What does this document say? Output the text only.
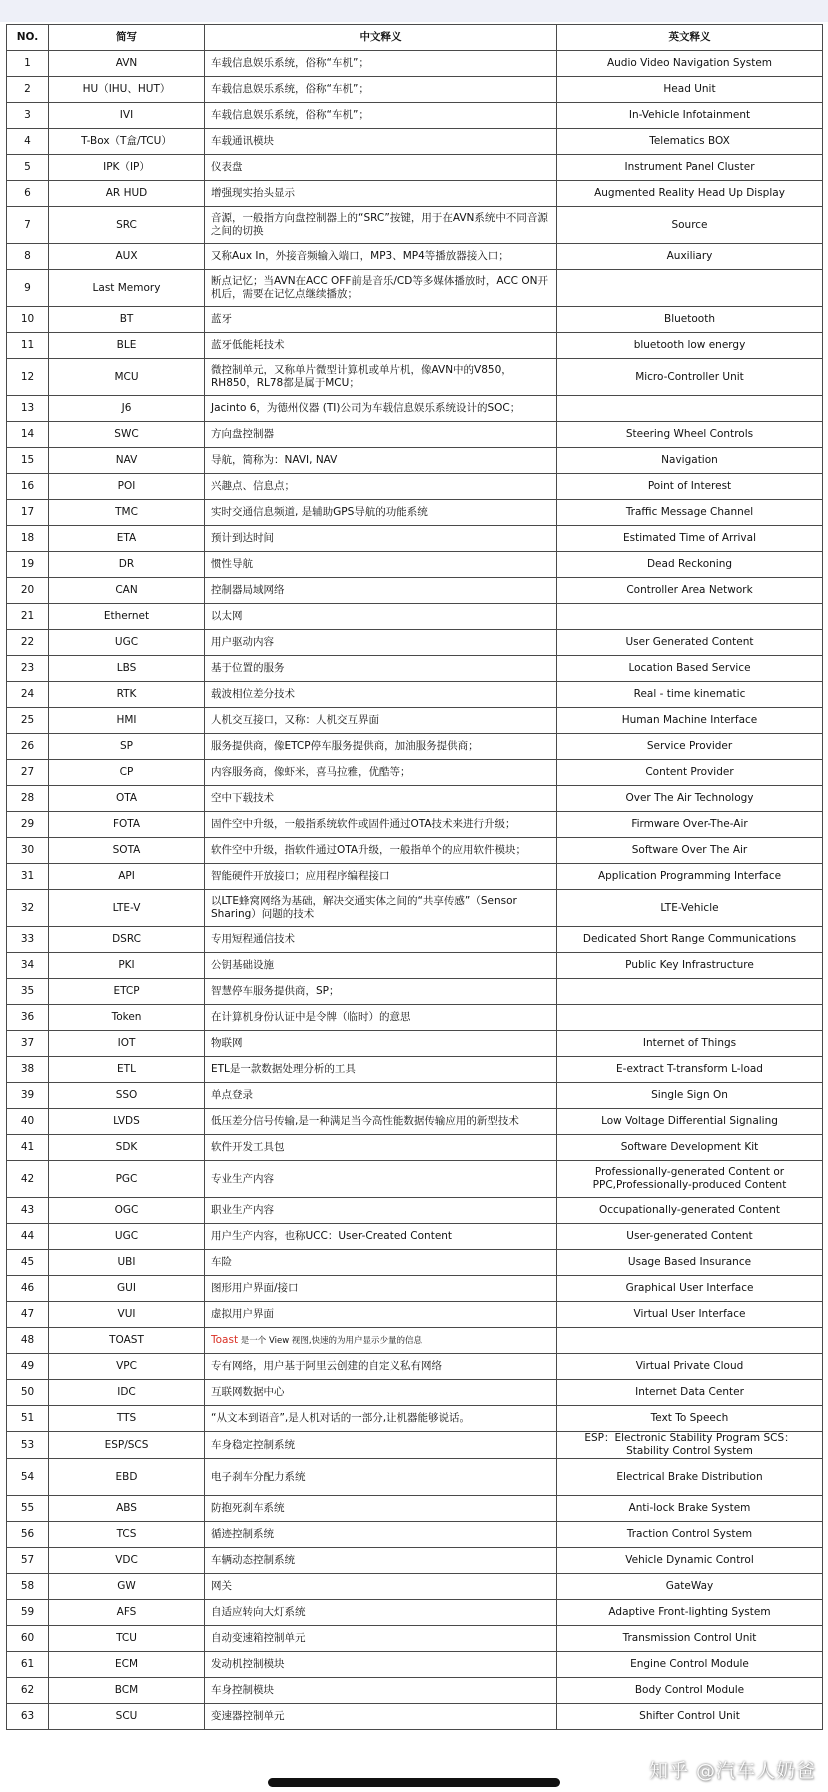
NO.	简写	中文释义	英文释义
1	AVN	车载信息娱乐系统，俗称“车机”；	Audio Video Navigation System
2	HU（IHU、HUT）	车载信息娱乐系统，俗称“车机”；	Head Unit
3	IVI	车载信息娱乐系统，俗称“车机”；	In-Vehicle Infotainment
4	T-Box（T盒/TCU）	车载通讯模块	Telematics BOX
5	IPK（IP）	仪表盘	Instrument Panel Cluster
6	AR HUD	增强现实抬头显示	Augmented Reality Head Up Display
7	SRC	音源，一般指方向盘控制器上的“SRC”按键，用于在AVN系统中不同音源之间的切换	Source
8	AUX	又称Aux In，外接音频输入端口，MP3、MP4等播放器接入口；	Auxiliary
9	Last Memory	断点记忆；当AVN在ACC OFF前是音乐/CD等多媒体播放时，ACC ON开机后，需要在记忆点继续播放；	
10	BT	蓝牙	Bluetooth
11	BLE	蓝牙低能耗技术	bluetooth low energy
12	MCU	微控制单元，又称单片微型计算机或单片机，像AVN中的V850，RH850，RL78都是属于MCU；	Micro-Controller Unit
13	J6	Jacinto 6，为德州仪器 (TI)公司为车载信息娱乐系统设计的SOC；	
14	SWC	方向盘控制器	Steering Wheel Controls
15	NAV	导航，简称为：NAVI, NAV	Navigation
16	POI	兴趣点、信息点；	Point of Interest
17	TMC	实时交通信息频道, 是辅助GPS导航的功能系统	Traffic Message Channel
18	ETA	预计到达时间	Estimated Time of Arrival
19	DR	惯性导航	Dead Reckoning
20	CAN	控制器局域网络	Controller Area Network
21	Ethernet	以太网	
22	UGC	用户驱动内容	User Generated Content
23	LBS	基于位置的服务	Location Based Service
24	RTK	载波相位差分技术	Real - time kinematic
25	HMI	人机交互接口，又称：人机交互界面	Human Machine Interface
26	SP	服务提供商，像ETCP停车服务提供商，加油服务提供商；	Service Provider
27	CP	内容服务商，像虾米，喜马拉雅，优酷等；	Content Provider
28	OTA	空中下载技术	Over The Air Technology
29	FOTA	固件空中升级，一般指系统软件或固件通过OTA技术来进行升级；	Firmware Over-The-Air
30	SOTA	软件空中升级，指软件通过OTA升级，一般指单个的应用软件模块；	Software Over The Air
31	API	智能硬件开放接口；应用程序编程接口	Application Programming Interface
32	LTE-V	以LTE蜂窝网络为基础，解决交通实体之间的“共享传感”（Sensor Sharing）问题的技术	LTE-Vehicle
33	DSRC	专用短程通信技术	Dedicated Short Range Communications
34	PKI	公钥基础设施	Public Key Infrastructure
35	ETCP	智慧停车服务提供商，SP；	
36	Token	在计算机身份认证中是令牌（临时）的意思	
37	IOT	物联网	Internet of Things
38	ETL	ETL是一款数据处理分析的工具	E-extract T-transform L-load
39	SSO	单点登录	Single Sign On
40	LVDS	低压差分信号传输,是一种满足当今高性能数据传输应用的新型技术	Low Voltage Differential Signaling
41	SDK	软件开发工具包	Software Development Kit
42	PGC	专业生产内容	Professionally-generated Content or PPC,Professionally-produced Content
43	OGC	职业生产内容	Occupationally-generated Content
44	UGC	用户生产内容，也称UCC：User-Created Content	User-generated Content
45	UBI	车险	Usage Based Insurance
46	GUI	图形用户界面/接口	Graphical User Interface
47	VUI	虚拟用户界面	Virtual User Interface
48	TOAST	Toast 是一个 View 视图,快速的为用户显示少量的信息	
49	VPC	专有网络，用户基于阿里云创建的自定义私有网络	Virtual Private Cloud
50	IDC	互联网数据中心	Internet Data Center
51	TTS	“从文本到语音”,是人机对话的一部分,让机器能够说话。	Text To Speech
53	ESP/SCS	车身稳定控制系统	ESP：Electronic Stability Program SCS：Stability Control System
54	EBD	电子刹车分配力系统	Electrical Brake Distribution
55	ABS	防抱死刹车系统	Anti-lock Brake System
56	TCS	循迹控制系统	Traction Control System
57	VDC	车辆动态控制系统	Vehicle Dynamic Control
58	GW	网关	GateWay
59	AFS	自适应转向大灯系统	Adaptive Front-lighting System
60	TCU	自动变速箱控制单元	Transmission Control Unit
61	ECM	发动机控制模块	Engine Control Module
62	BCM	车身控制模块	Body Control Module
63	SCU	变速器控制单元	Shifter Control Unit
知乎 @汽车人奶爸
